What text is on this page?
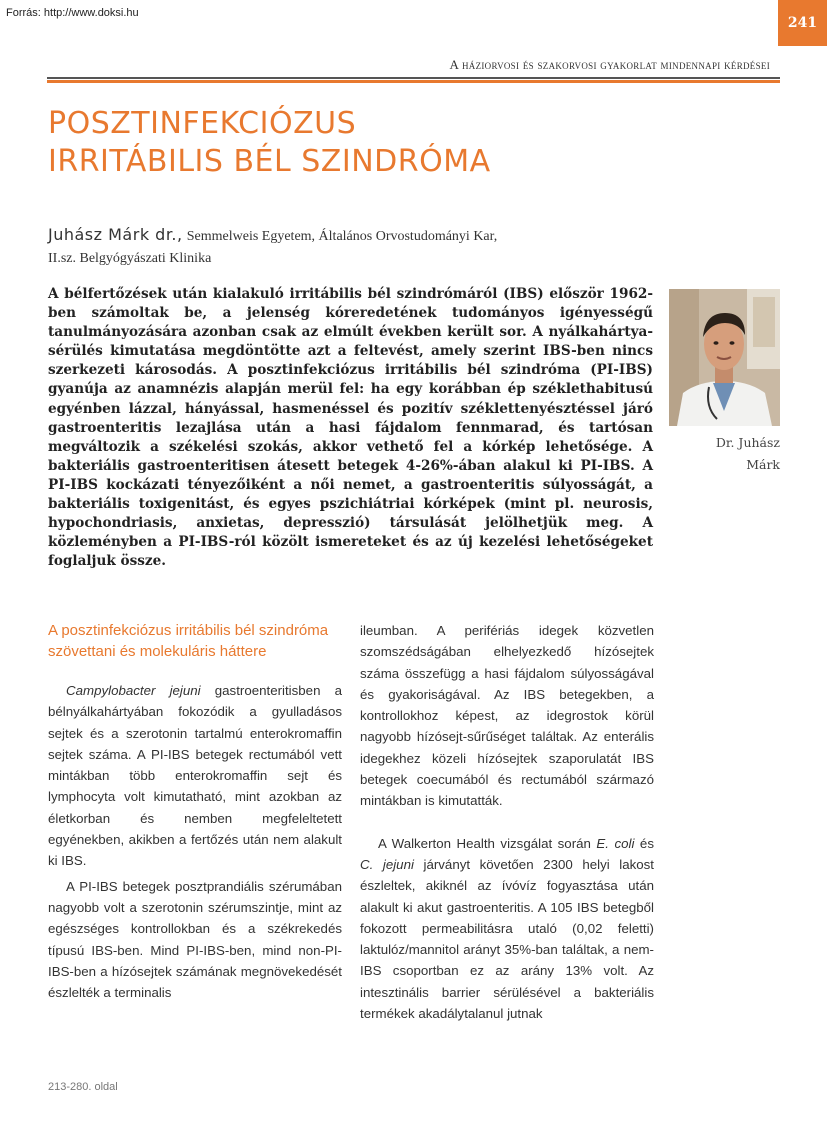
Forrás: http://www.doksi.hu
241
A háziorvosi és szakorvosi gyakorlat mindennapi kérdései
POSZTINFEKCIÓZUS
IRRITÁBILIS BÉL SZINDRÓMA
Juhász Márk dr., Semmelweis Egyetem, Általános Orvostudományi Kar,
II.sz. Belgyógyászati Klinika

A bélfertőzések után kialakuló irritábilis bél szindrómáról (IBS) először 1962-ben számoltak be, a jelenség kóreredetének tudományos igényességű tanulmányozására azonban csak az elmúlt években került sor. A nyálkahártya-sérülés kimutatása megdöntötte azt a feltevést, amely szerint IBS-ben nincs szerkezeti károsodás. A posztinfekciózus irritábilis bél szindróma (PI-IBS) gyanúja az anamnézis alapján merül fel: ha egy korábban ép széklethabitusú egyénben lázzal, hányással, hasmenéssel és pozitív széklettenyésztéssel járó gastroenteritis lezajlása után a hasi fájdalom fennmarad, és tartósan megváltozik a székelési szokás, akkor vethető fel a kórkép lehetősége. A bakteriális gastroenteritisen átesett betegek 4-26%-ában alakul ki PI-IBS. A PI-IBS kockázati tényezőiként a női nemet, a gastroenteritis súlyosságát, a bakteriális toxigenitást, és egyes pszichiátriai kórképek (mint pl. neurosis, hypochondriasis, anxietas, depresszió) társulását jelölhetjük meg. A közleményben a PI-IBS-ról közölt ismereteket és az új kezelési lehetőségeket foglaljuk össze.

Dr. Juhász
Márk
A posztinfekciózus irritábilis bél szindróma szövettani és molekuláris háttere

Campylobacter jejuni gastroenteritisben a bélnyálkahártyában fokozódik a gyulladásos sejtek és a szerotonin tartalmú enterokromaffin sejtek száma. A PI-IBS betegek rectumából vett mintákban több enterokromaffin sejt és lymphocyta volt kimutatható, mint azokban az életkorban és nemben megfeleltetett egyénekben, akikben a fertőzés után nem alakult ki IBS.

A PI-IBS betegek posztprandiális szérumában nagyobb volt a szerotonin szérumszintje, mint az egészséges kontrollokban és a székrekedés típusú IBS-ben. Mind PI-IBS-ben, mind non-PI-IBS-ben a hízósejtek számának megnövekedését észlelték a terminalis

ileumban. A perifériás idegek közvetlen szomszédságában elhelyezkedő hízósejtek száma összefügg a hasi fájdalom súlyosságával és gyakoriságával. Az IBS betegekben, a kontrollokhoz képest, az idegrostok körül nagyobb hízósejt-sűrűséget találtak. Az enterális idegekhez közeli hízósejtek szaporulatát IBS betegek coecumából és rectumából származó mintákban is kimutatták.

A Walkerton Health vizsgálat során E. coli és C. jejuni járványt követően 2300 helyi lakost észleltek, akiknél az ívóvíz fogyasztása után alakult ki akut gastroenteritis. A 105 IBS betegből fokozott permeabilitásra utaló (0,02 feletti) laktulóz/mannitol arányt 35%-ban találtak, a nem-IBS csoportban ez az arány 13% volt. Az intesztinális barrier sérülésével a bakteriális termékek akadálytalanul jutnak

213-280. oldal
